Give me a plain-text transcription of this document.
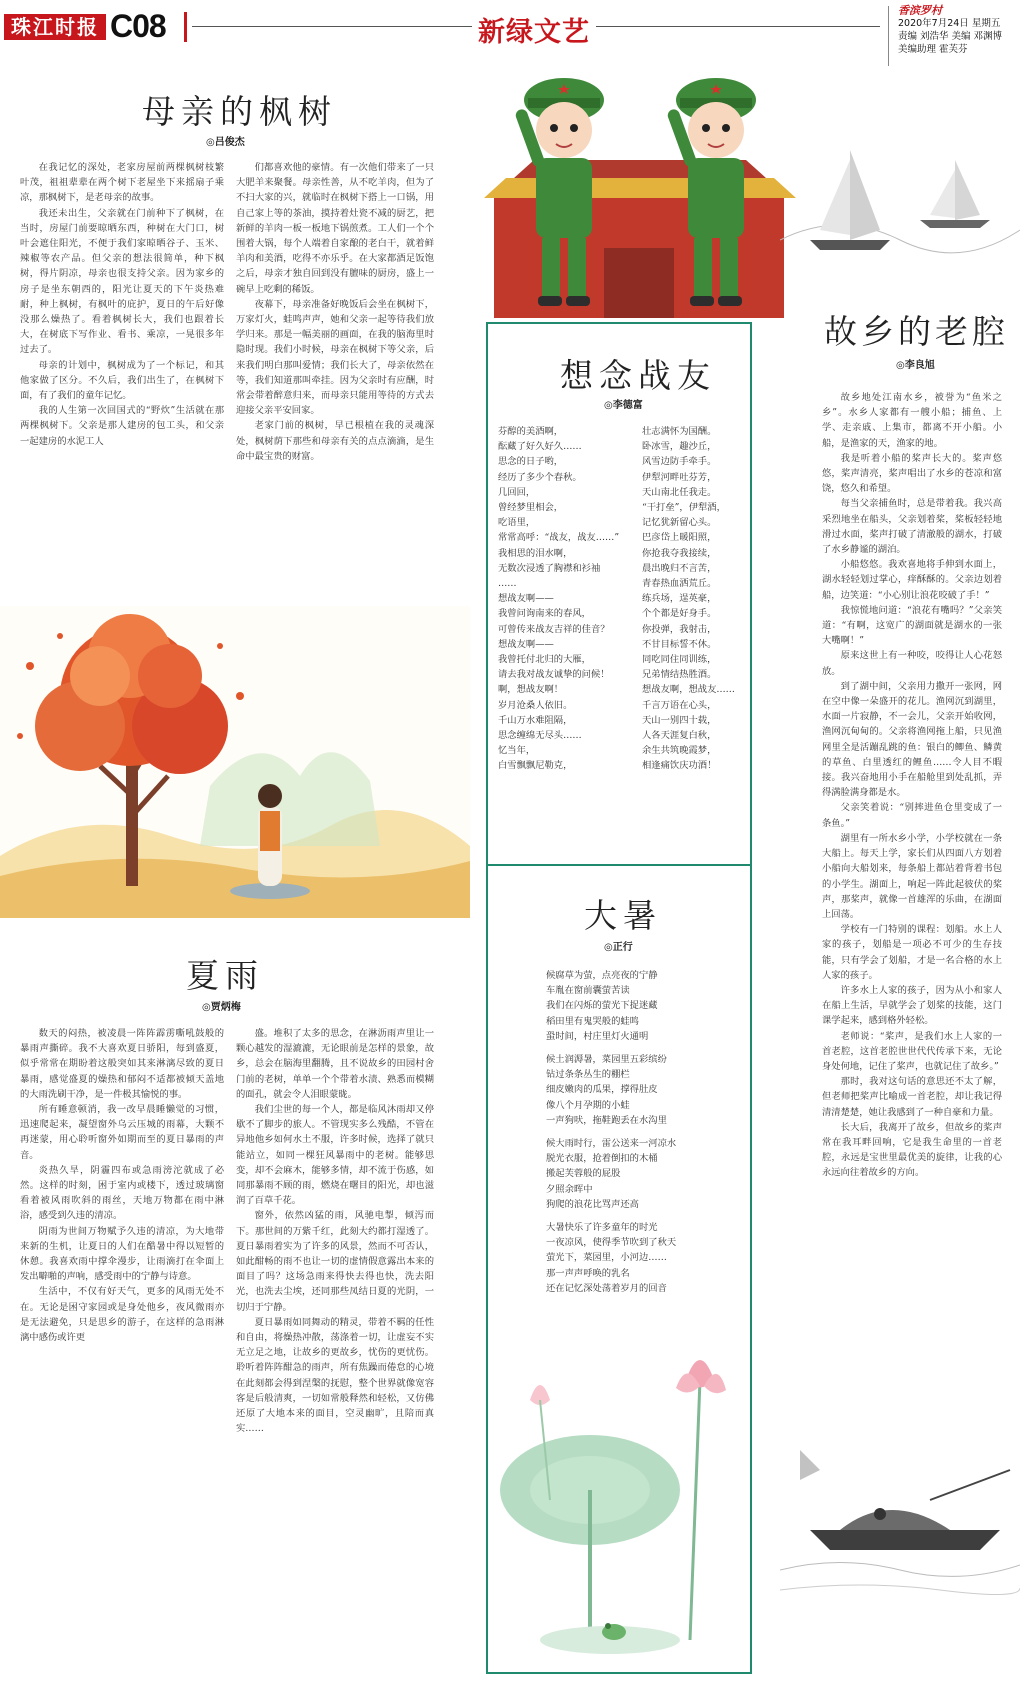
珠江时报 C08	新绿文艺
香滨罗村
2020年7月24日 星期五
责编 刘浩华 美编 邓渊博
美编助理 霍芙芬
母亲的枫树
◎吕俊杰

在我记忆的深处，老家房屋前两棵枫树枝繁叶茂，祖祖辈辈在两个树下老屋坐下来摇扇子乘凉，那枫树下，是老母亲的故事。

我还未出生，父亲就在门前种下了枫树，在当时，房屋门前要晾晒东西，种树在大门口，树叶会遮住阳光，不便于我们家晾晒谷子、玉米、辣椒等农产品。但父亲的想法很简单，种下枫树，得片阴凉，母亲也很支持父亲。因为家乡的房子是坐东朝西的，阳光让夏天的下午炎热难耐，种上枫树，有枫叶的庇护，夏日的午后好像没那么燥热了。看着枫树长大，我们也跟着长大，在树底下写作业、看书、乘凉，一晃很多年过去了。

母亲的计划中，枫树成为了一个标记，和其他家做了区分。不久后，我们出生了，在枫树下面，有了我们的童年记忆。

我的人生第一次回国式的“野炊”生活就在那两棵枫树下。父亲是那人建房的包工头，和父亲一起建房的水泥工人

们都喜欢他的豪情。有一次他们带来了一只大肥羊来聚餐。母亲性善，从不吃羊肉，但为了不扫大家的兴，就临时在枫树下搭上一口锅，用自己家上等的茶油，摸持着灶瓷不减的厨艺，把新鲜的羊肉一板一板地下锅煎煮。工人们一个个围着大锅，每个人端着自家酿的老白干，就着鲜羊肉和美酒，吃得不亦乐乎。在大家都酒足饭饱之后，母亲才独自回到没有膻味的厨房，盛上一碗早上吃剩的稀饭。

夜幕下，母亲准备好晚饭后会坐在枫树下，万家灯火，蛙鸣声声，她和父亲一起等待我们放学归来。那是一幅美丽的画面，在我的脑海里时隐时现。我们小时候，母亲在枫树下等父亲，后来我们明白那叫爱情；我们长大了，母亲依然在等，我们知道那叫牵挂。因为父亲时有应酬，时常会带着醉意归来，而母亲只能用等待的方式去迎接父亲平安回家。

老家门前的枫树，早已根植在我的灵魂深处，枫树荫下那些和母亲有关的点点滴滴，是生命中最宝贵的财富。

夏雨
◎贾炳梅

数天的闷热，被凌晨一阵阵霹雳嘶吼鼓般的暴雨声撕碎。我不大喜欢夏日骄阳，每到盛夏，似乎常常在期盼着这般突如其来淋漓尽致的夏日暴雨，感觉盛夏的燥热和郁闷不适都被倾天盖地的大雨洗刷干净，是一件极其愉悦的事。

所有睡意顿消，我一改早晨睡懒觉的习惯，迅速爬起来，凝望窗外乌云压城的雨幕，大颗不再迷蒙，用心聆听窗外如期而至的夏日暴雨的声音。

炎热久旱，阴霾四布或急雨滂沱就成了必然。这样的时刻，困于室内或楼下，透过玻璃窗看着被风雨吹斜的雨丝，天地万物都在雨中淋浴，感受到久违的清凉。

阴雨为世间万物赋予久违的清凉，为大地带来新的生机，让夏日的人们在酷暑中得以短暂的休憩。我喜欢雨中撑伞漫步，让雨滴打在伞面上发出噼啪的声响，感受雨中的宁静与诗意。

生活中，不仅有好天气，更多的风雨无处不在。无论是困守家园或是身处他乡，夜风微雨亦是无法避免，只是思乡的游子，在这样的急雨淋漓中感伤或许更

盛。堆积了太多的思念，在淋沥雨声里让一颗心越发的湿漉漉，无论眼前是怎样的景象，故乡，总会在脑海里翻腾，且不说故乡的田园村舍门前的老树，单单一个个带着水渍、熟悉而模糊的面孔，就会令人泪眼蒙眬。

我们尘世的每一个人，都是临风沐雨却又停歇不了脚步的旅人。不管现实多么残酷，不管在异地他乡如何水土不服，许多时候，选择了就只能站立，如同一棵狂风暴雨中的老树。能够思变，却不会麻木，能够多情，却不流于伤感，如同那暴雨不顾的雨，燃烧在曙目的阳光，却也滋润了百草千花。

窗外，依然凶猛的雨，风驰电掣，倾泻而下。那世间的万紫千红，此刻大约都打湿透了。夏日暴雨着实为了许多的风景，然而不可否认，如此酣畅的雨不也让一切的虚情假意露出本来的面目了吗？这场急雨来得快去得也快，洗去阳光，也洗去尘埃，还同那些凤结日夏的光阴，一切归于宁静。

夏日暴雨如同舞动的精灵，带着不羁的任性和自由，将燥热冲散，荡涤着一切，让虚妄不实无立足之地，让故乡的更故乡，忧伤的更忧伤。聆听着阵阵酣急的雨声，所有焦躁而倦怠的心境在此刻都会得到涅槃的抚慰，整个世界就像宽容客是后般清爽，一切如常般释然和轻松，又仿佛还原了大地本来的面目，空灵幽旷，且陪而真实……

想念战友
◎李德富
芬醇的美酒啊，
酝藏了好久好久……
思念的日子哟，
经历了多少个春秋。
几回回，
曾经梦里相会，
吃语里，
常常高呼：“战友，战友……”
我相思的泪水啊，
无数次浸透了胸襟和衫袖
……
想战友啊——
我曾问询南来的春风，
可曾传来战友吉祥的佳音？
想战友啊——
我曾托付北归的大雁，
请去我对战友诚挚的问候！
啊，想战友啊！
岁月沧桑人依旧。
千山万水难阻隔，
思念缠绵无尽头……
忆当年，
白雪飘飘尼勒克，
壮志满怀为国酬。
卧冰雪，趣沙丘，
风雪边防手牵手。
伊犁河畔吐芬芳，
天山南北任我走。
“干打垒”，伊犁酒，
记忆犹新留心头。
巴彦岱上暖阳照，
你抢我夺我接续，
晨出晚归不言苦，
青春热血洒荒丘。
练兵场，逞英豪，
个个都是好身手。
你投弹，我射击，
不甘目标誓不休。
同吃同住同训练，
兄弟情结热胜酒。
想战友啊，想战友……
千言万语在心头，
天山一别四十载，
人各天涯复白秋，
余生共筑晚霞梦，
相逢痛饮庆功酒！
大暑
◎正行
候腐草为萤，点亮夜的宁静
车胤在窗前囊萤苦读
我们在闪烁的萤光下捉迷藏
稻田里有鬼哭般的蛙鸣
蛩时间，村庄里灯火通明
候土润溽暑，菜园里五彩缤纷
钻过条条丛生的棚栏
细皮嫩肉的瓜果，撑得肚皮
像八个月孕期的小蛙
一声狗吠，拖鞋跑丢在水沟里
候大雨时行，雷公送来一河凉水
脱光衣服，抢着倒扣的木桶
搬起芙蓉般的屁股
夕照余晖中
狗爬的浪花比骂声还高
大暑快乐了许多童年的时光
一夜凉风，使得季节吹到了秋天
萤光下，菜园里，小河边……
那一声声呼唤的乳名
还在记忆深处荡着岁月的回音
故乡的老腔
◎李良旭

故乡地处江南水乡，被誉为“鱼米之乡”。水乡人家都有一艘小船；捕鱼、上学、走亲戚、上集市，都离不开小船。小船，是渔家的天，渔家的地。

我是听着小船的桨声长大的。桨声悠悠，桨声清亮，桨声唱出了水乡的苍凉和富饶，悠久和希望。

每当父亲捕鱼时，总是带着我。我兴高采烈地坐在船头，父亲划着桨，桨板轻轻地滑过水面，桨声打破了清澈般的湖水，打破了水乡静谧的湖泊。

小船悠悠。我欢喜地将手伸到水面上，湖水轻轻划过掌心，痒酥酥的。父亲边划着船，边笑道：“小心别让浪花咬破了手！”

我惊慌地问道：“浪花有嘴吗？”父亲笑道：“有啊，这宽广的湖面就是湖水的一张大嘴啊！”

原来这世上有一种咬，咬得让人心花怒放。

到了湖中间，父亲用力撒开一张网，网在空中像一朵盛开的花儿。渔网沉到湖里，水面一片寂静，不一会儿，父亲开始收网，渔网沉甸甸的。父亲将渔网拖上船，只见渔网里全是活蹦乱跳的鱼：银白的鲫鱼、鳞黄的草鱼、白里透红的鲤鱼……令人目不暇接。我兴奋地用小手在船舱里到处乱抓，弄得满脸满身都是水。

父亲笑着说：“别摔进鱼仓里变成了一条鱼。”

湖里有一所水乡小学，小学校就在一条大船上。每天上学，家长们从四面八方划着小船向大船划来，每条船上都站着背着书包的小学生。湖面上，响起一阵此起彼伏的桨声，那桨声，就像一首雄浑的乐曲，在湖面上回荡。

学校有一门特别的课程：划船。水上人家的孩子，划船是一项必不可少的生存技能，只有学会了划船，才是一名合格的水上人家的孩子。

许多水上人家的孩子，因为从小和家人在船上生活，早就学会了划桨的技能，这门课学起来，感到格外轻松。

老师说：“桨声，是我们水上人家的一首老腔，这首老腔世世代代传承下来，无论身处何地，记住了桨声，也就记住了故乡。”

那时，我对这句话的意思还不太了解，但老师把桨声比喻成一首老腔，却让我记得清清楚楚，她让我感到了一种自豪和力量。

长大后，我离开了故乡，但故乡的桨声常在我耳畔回响，它是我生命里的一首老腔，永远是宝世里最优美的旋律，让我的心永远向往着故乡的方向。
